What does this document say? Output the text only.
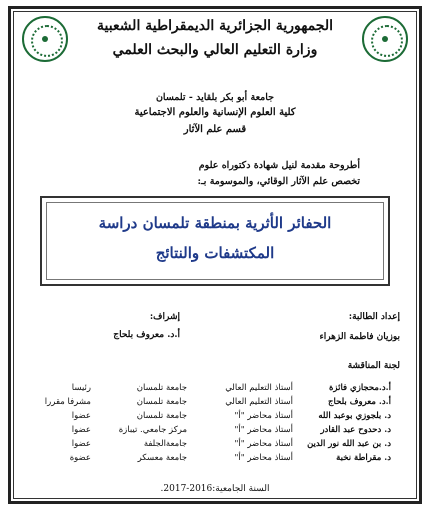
الجمهورية الجزائرية الديمقراطية الشعبية
وزارة التعليم العالي والبحث العلمي
جامعة أبو بكر بلقايد - تلمسان
كلية العلوم الإنسانية والعلوم الاجتماعية
قسم علم الآثار
أطروحة مقدمة لنيل شهادة دكتوراه علوم
تخصص علم الآثار الوقائي، والموسومة بـ:
الحفائر الأثرية بمنطقة تلمسان دراسة
المكتشفات والنتائج
إعداد الطالبة:
بوزيان فاطمة الزهراء
إشراف:
أ.د. معروف بلحاج
لجنة المناقشة
أ.د.محجازي فائزة	أستاذ التعليم العالي	جامعة تلمسان	رئيسا
أ.د. معروف بلحاج	أستاذ التعليم العالي	جامعة تلمسان	مشرفا مقررا
د. بلجوزي بوعبد الله	أستاذ محاضر "أ"	جامعة تلمسان	عضوا
د. دحدوح عبد القادر	أستاذ محاضر "أ"	مركز جامعي. تيبازة	عضوا
د. بن عبد الله نور الدين	أستاذ محاضر "أ"	جامعةالجلفة	عضوا
د. مقراطة نخبة	أستاذ محاضر "أ"	جامعة معسكر	عضوة
السنة الجامعية:2016-2017.
